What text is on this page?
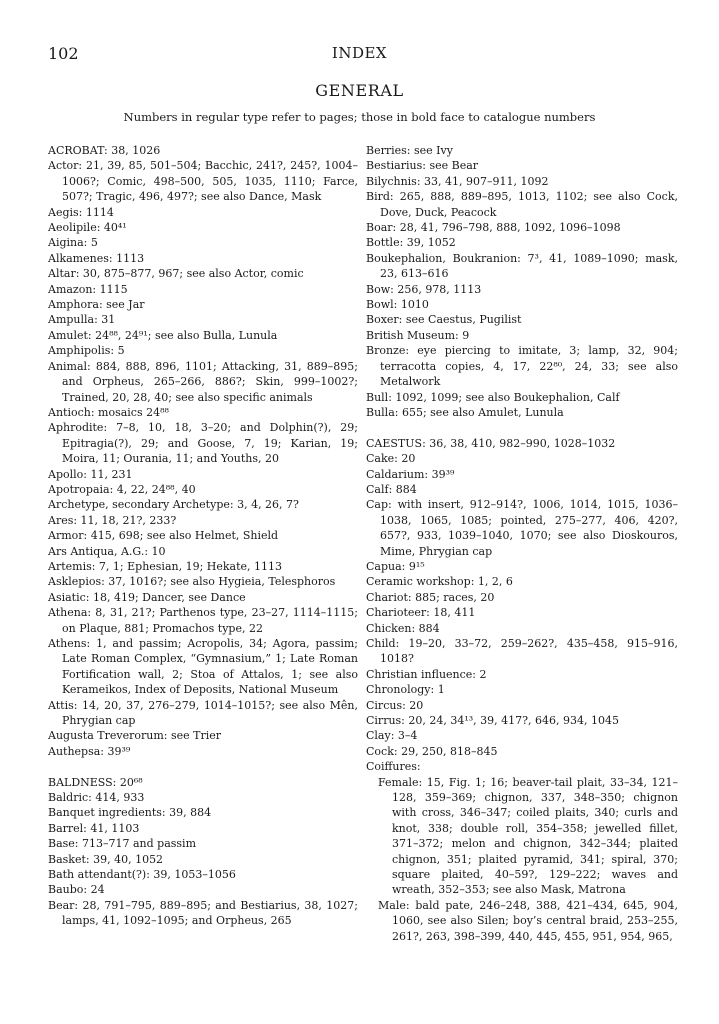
102	INDEX
GENERAL
Numbers in regular type refer to pages; those in bold face to catalogue numbers
ACROBAT: 38, 1026
Actor: 21, 39, 85, 501–504; Bacchic, 241?, 245?, 1004–1006?; Comic, 498–500, 505, 1035, 1110; Farce, 507?; Tragic, 496, 497?; see also Dance, Mask
Aegis: 1114
Aeolipile: 40⁴¹
Aigina: 5
Alkamenes: 1113
Altar: 30, 875–877, 967; see also Actor, comic
Amazon: 1115
Amphora: see Jar
Ampulla: 31
Amulet: 24⁸⁸, 24⁹¹; see also Bulla, Lunula
Amphipolis: 5
Animal: 884, 888, 896, 1101; Attacking, 31, 889–895; and Orpheus, 265–266, 886?; Skin, 999–1002?; Trained, 20, 28, 40; see also specific animals
Antioch: mosaics 24⁸⁸
Aphrodite: 7–8, 10, 18, 3–20; and Dolphin(?), 29; Epitragia(?), 29; and Goose, 7, 19; Karian, 19; Moira, 11; Ourania, 11; and Youths, 20
Apollo: 11, 231
Apotropaia: 4, 22, 24⁸⁸, 40
Archetype, secondary Archetype: 3, 4, 26, 7?
Ares: 11, 18, 21?, 233?
Armor: 415, 698; see also Helmet, Shield
Ars Antiqua, A.G.: 10
Artemis: 7, 1; Ephesian, 19; Hekate, 1113
Asklepios: 37, 1016?; see also Hygieia, Telesphoros
Asiatic: 18, 419; Dancer, see Dance
Athena: 8, 31, 21?; Parthenos type, 23–27, 1114–1115; on Plaque, 881; Promachos type, 22
Athens: 1, and passim; Acropolis, 34; Agora, passim; Late Roman Complex, “Gymnasium,” 1; Late Roman Fortification wall, 2; Stoa of Attalos, 1; see also Kerameikos, Index of Deposits, National Museum
Attis: 14, 20, 37, 276–279, 1014–1015?; see also Mên, Phrygian cap
Augusta Treverorum: see Trier
Authepsa: 39³⁹
BALDNESS: 20⁶⁸
Baldric: 414, 933
Banquet ingredients: 39, 884
Barrel: 41, 1103
Base: 713–717 and passim
Basket: 39, 40, 1052
Bath attendant(?): 39, 1053–1056
Baubo: 24
Bear: 28, 791–795, 889–895; and Bestiarius, 38, 1027; lamps, 41, 1092–1095; and Orpheus, 265
Berries: see Ivy
Bestiarius: see Bear
Bilychnis: 33, 41, 907–911, 1092
Bird: 265, 888, 889–895, 1013, 1102; see also Cock, Dove, Duck, Peacock
Boar: 28, 41, 796–798, 888, 1092, 1096–1098
Bottle: 39, 1052
Boukephalion, Boukranion: 7³, 41, 1089–1090; mask, 23, 613–616
Bow: 256, 978, 1113
Bowl: 1010
Boxer: see Caestus, Pugilist
British Museum: 9
Bronze: eye piercing to imitate, 3; lamp, 32, 904; terracotta copies, 4, 17, 22⁸⁰, 24, 33; see also Metalwork
Bull: 1092, 1099; see also Boukephalion, Calf
Bulla: 655; see also Amulet, Lunula
CAESTUS: 36, 38, 410, 982–990, 1028–1032
Cake: 20
Caldarium: 39³⁹
Calf: 884
Cap: with insert, 912–914?, 1006, 1014, 1015, 1036–1038, 1065, 1085; pointed, 275–277, 406, 420?, 657?, 933, 1039–1040, 1070; see also Dioskouros, Mime, Phrygian cap
Capua: 9¹⁵
Ceramic workshop: 1, 2, 6
Chariot: 885; races, 20
Charioteer: 18, 411
Chicken: 884
Child: 19–20, 33–72, 259–262?, 435–458, 915–916, 1018?
Christian influence: 2
Chronology: 1
Circus: 20
Cirrus: 20, 24, 34¹³, 39, 417?, 646, 934, 1045
Clay: 3–4
Cock: 29, 250, 818–845
Coiffures:
Female: 15, Fig. 1; 16; beaver-tail plait, 33–34, 121–128, 359–369; chignon, 337, 348–350; chignon with cross, 346–347; coiled plaits, 340; curls and knot, 338; double roll, 354–358; jewelled fillet, 371–372; melon and chignon, 342–344; plaited chignon, 351; plaited pyramid, 341; spiral, 370; square plaited, 40–59?, 129–222; waves and wreath, 352–353; see also Mask, Matrona
Male: bald pate, 246–248, 388, 421–434, 645, 904, 1060, see also Silen; boy’s central braid, 253–255, 261?, 263, 398–399, 440, 445, 455, 951, 954, 965,
